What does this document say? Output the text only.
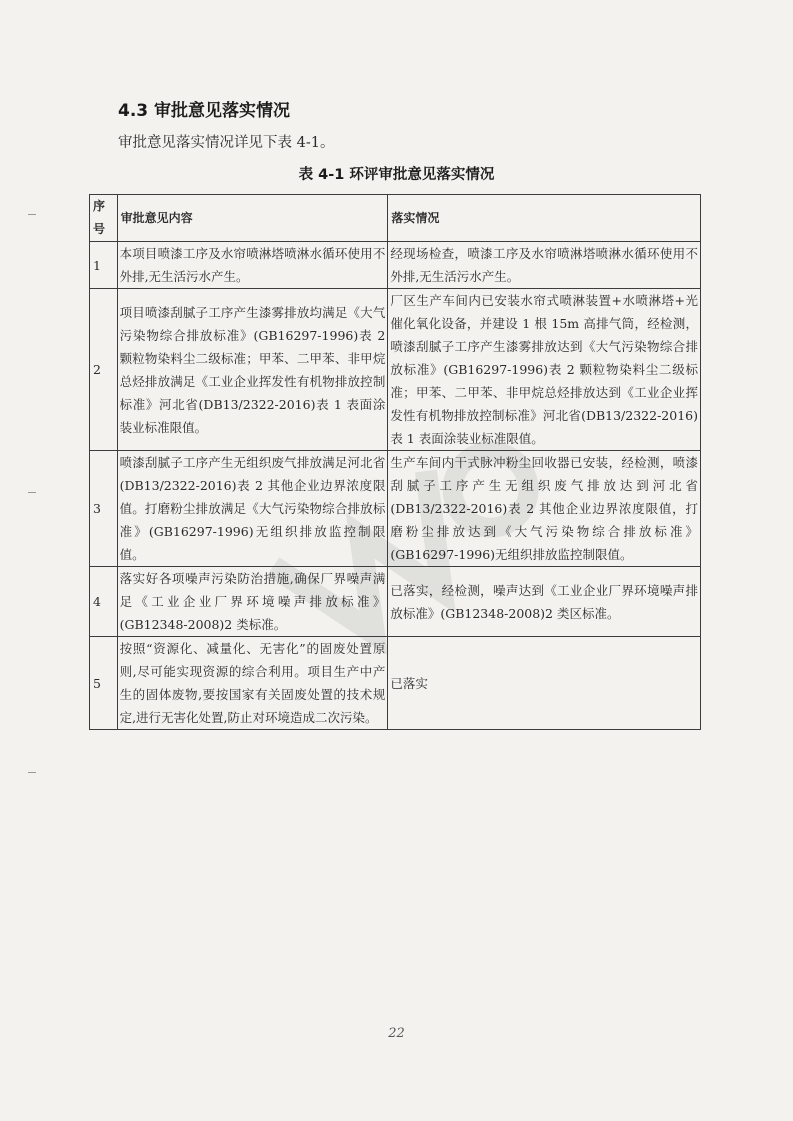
4.3 审批意见落实情况
审批意见落实情况详见下表 4-1。
表 4-1 环评审批意见落实情况
序号	审批意见内容	落实情况
1	本项目喷漆工序及水帘喷淋塔喷淋水循环使用不外排,无生活污水产生。	经现场检查，喷漆工序及水帘喷淋塔喷淋水循环使用不外排,无生活污水产生。
2	项目喷漆刮腻子工序产生漆雾排放均满足《大气污染物综合排放标准》(GB16297-1996)表 2 颗粒物染料尘二级标准；甲苯、二甲苯、非甲烷总烃排放满足《工业企业挥发性有机物排放控制标准》河北省(DB13/2322-2016)表 1 表面涂装业标准限值。	厂区生产车间内已安装水帘式喷淋装置+水喷淋塔+光催化氧化设备，并建设 1 根 15m 高排气筒，经检测，喷漆刮腻子工序产生漆雾排放达到《大气污染物综合排放标准》(GB16297-1996)表 2 颗粒物染料尘二级标准；甲苯、二甲苯、非甲烷总烃排放达到《工业企业挥发性有机物排放控制标准》河北省(DB13/2322-2016)表 1 表面涂装业标准限值。
3	喷漆刮腻子工序产生无组织废气排放满足河北省(DB13/2322-2016)表 2 其他企业边界浓度限值。打磨粉尘排放满足《大气污染物综合排放标准》(GB16297-1996)无组织排放监控制限值。	生产车间内干式脉冲粉尘回收器已安装，经检测，喷漆刮腻子工序产生无组织废气排放达到河北省(DB13/2322-2016)表 2 其他企业边界浓度限值，打磨粉尘排放达到《大气污染物综合排放标准》(GB16297-1996)无组织排放监控制限值。
4	落实好各项噪声污染防治措施,确保厂界噪声满足《工业企业厂界环境噪声排放标准》(GB12348-2008)2 类标准。	已落实，经检测，噪声达到《工业企业厂界环境噪声排放标准》(GB12348-2008)2 类区标准。
5	按照“资源化、减量化、无害化”的固废处置原则,尽可能实现资源的综合利用。项目生产中产生的固体废物,要按国家有关固废处置的技术规定,进行无害化处置,防止对环境造成二次污染。	已落实
22
